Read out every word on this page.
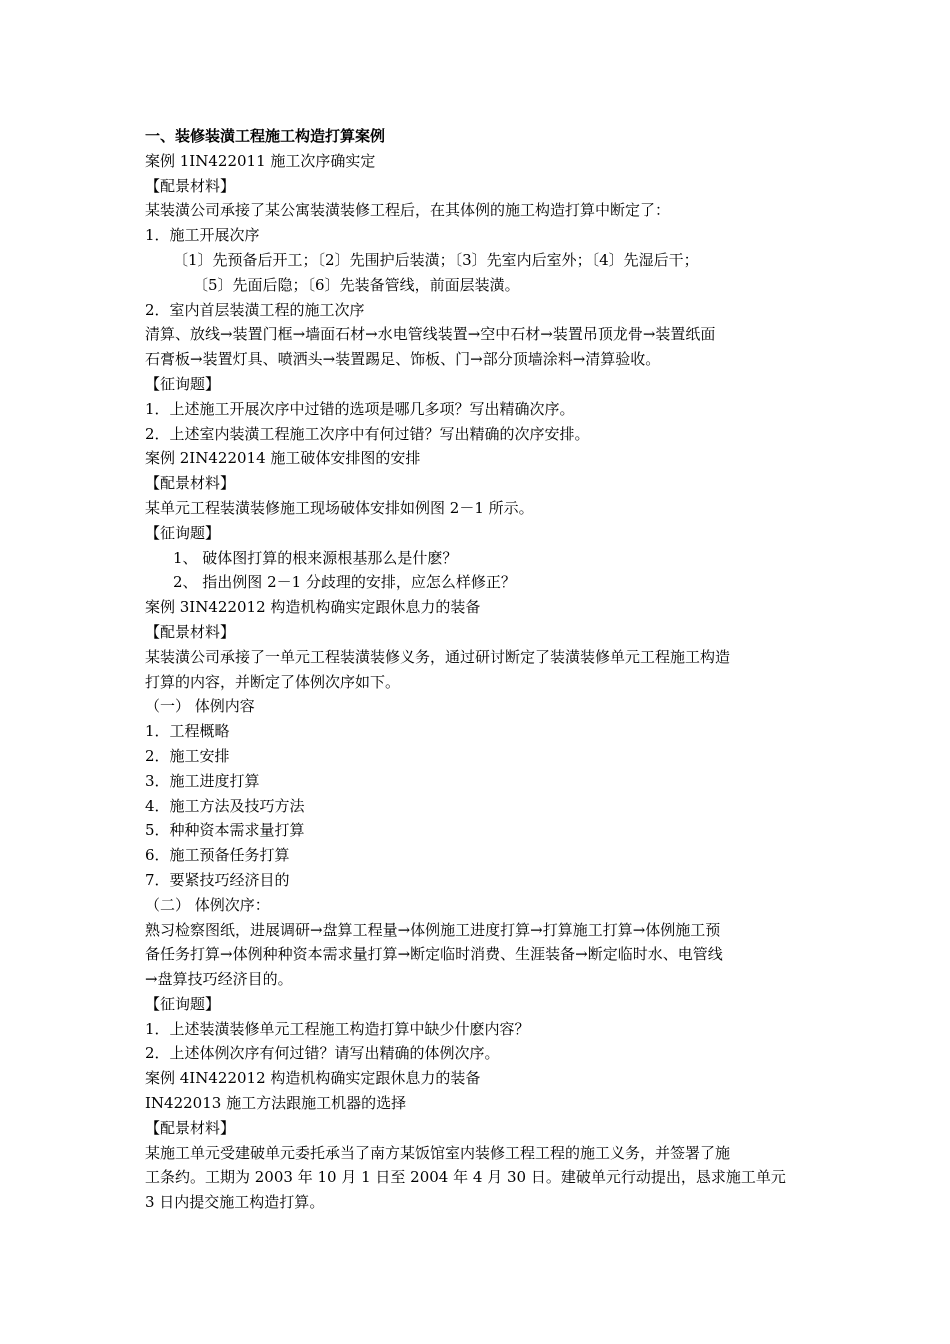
一、装修装潢工程施工构造打算案例
案例 1IN422011 施工次序确实定
【配景材料】
某装潢公司承接了某公寓装潢装修工程后，在其体例的施工构造打算中断定了：
1．施工开展次序
〔1〕先预备后开工；〔2〕先围护后装潢；〔3〕先室内后室外；〔4〕先湿后干；
〔5〕先面后隐；〔6〕先装备管线，前面层装潢。
2．室内首层装潢工程的施工次序
清算、放线→装置门框→墙面石材→水电管线装置→空中石材→装置吊顶龙骨→装置纸面
石膏板→装置灯具、喷洒头→装置踢足、饰板、门→部分顶墙涂料→清算验收。
【征询题】
1．上述施工开展次序中过错的选项是哪几多项？写出精确次序。
2．上述室内装潢工程施工次序中有何过错？写出精确的次序安排。
案例 2IN422014 施工破体安排图的安排
【配景材料】
某单元工程装潢装修施工现场破体安排如例图 2－1 所示。
【征询题】
1、 破体图打算的根来源根基那么是什麽？
2、 指出例图 2－1 分歧理的安排，应怎么样修正？
案例 3IN422012 构造机构确实定跟休息力的装备
【配景材料】
某装潢公司承接了一单元工程装潢装修义务，通过研讨断定了装潢装修单元工程施工构造
打算的内容，并断定了体例次序如下。
（一） 体例内容
1．工程概略
2．施工安排
3．施工进度打算
4．施工方法及技巧方法
5．种种资本需求量打算
6．施工预备任务打算
7．要紧技巧经济目的
（二） 体例次序：
熟习检察图纸，进展调研→盘算工程量→体例施工进度打算→打算施工打算→体例施工预
备任务打算→体例种种资本需求量打算→断定临时消费、生涯装备→断定临时水、电管线
→盘算技巧经济目的。
【征询题】
1．上述装潢装修单元工程施工构造打算中缺少什麽内容？
2．上述体例次序有何过错？请写出精确的体例次序。
案例 4IN422012 构造机构确实定跟休息力的装备
IN422013 施工方法跟施工机器的选择
【配景材料】
某施工单元受建破单元委托承当了南方某饭馆室内装修工程工程的施工义务，并签署了施
工条约。工期为 2003 年 10 月 1 日至 2004 年 4 月 30 日。建破单元行动提出，恳求施工单元
3 日内提交施工构造打算。
